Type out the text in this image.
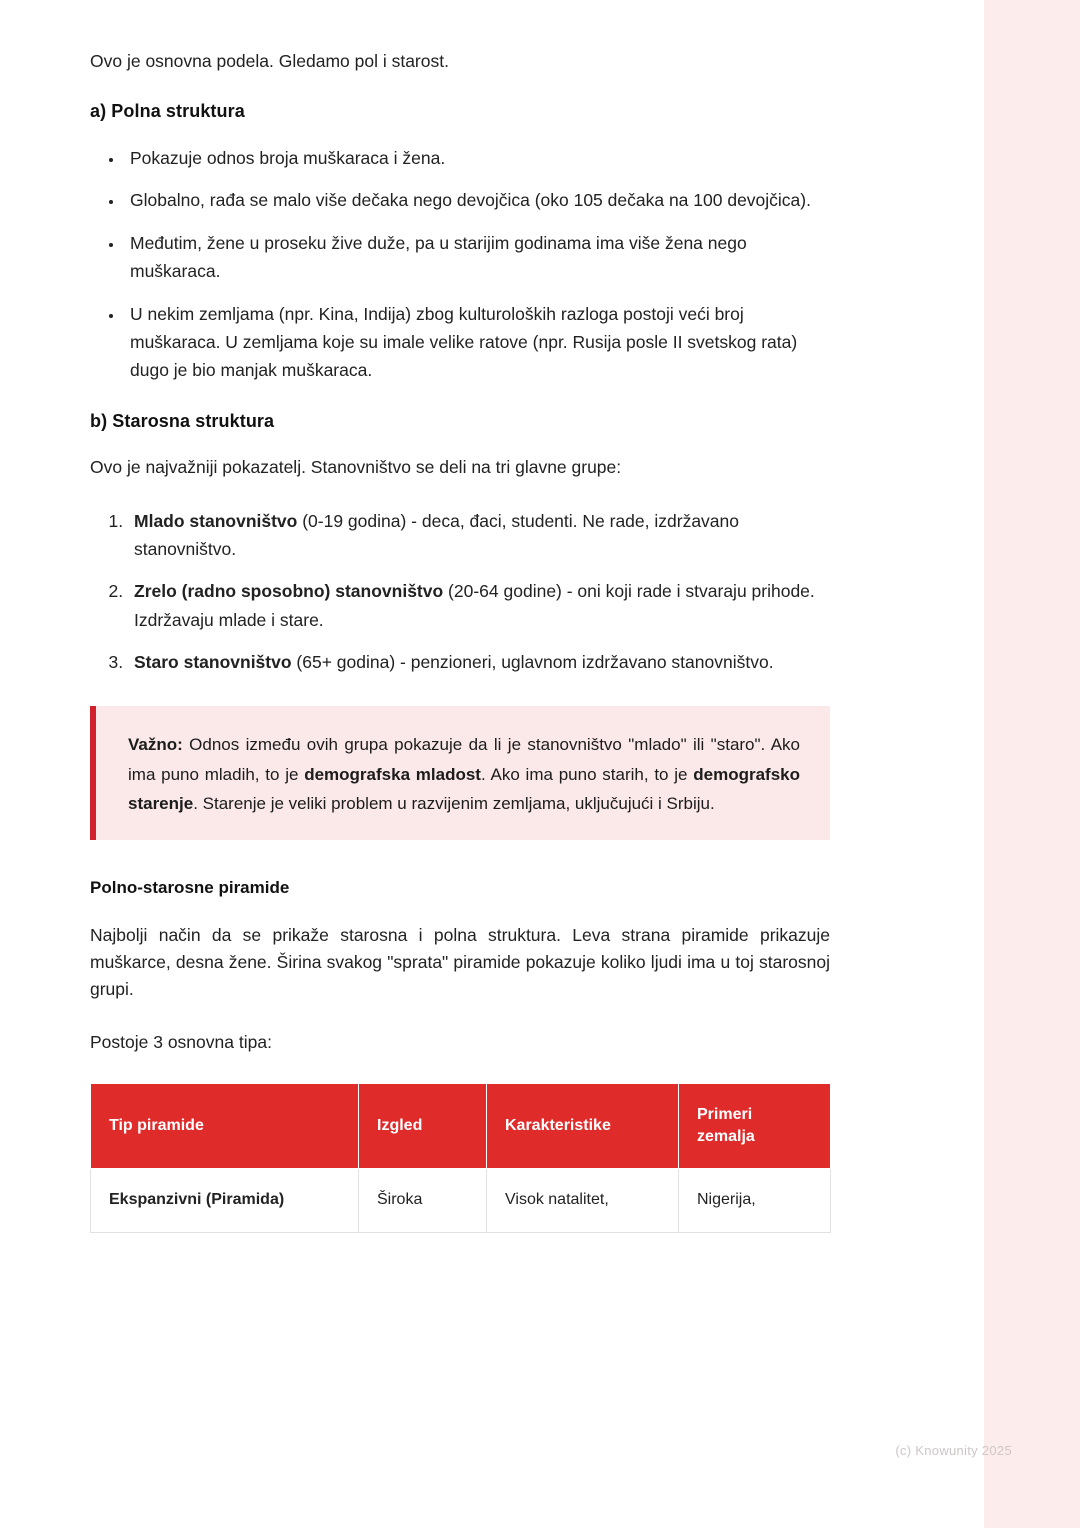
Ovo je osnovna podela. Gledamo pol i starost.

a) Polna struktura
• Pokazuje odnos broja muškaraca i žena.
• Globalno, rađa se malo više dečaka nego devojčica (oko 105 dečaka na 100 devojčica).
• Međutim, žene u proseku žive duže, pa u starijim godinama ima više žena nego muškaraca.
• U nekim zemljama (npr. Kina, Indija) zbog kulturoloških razloga postoji veći broj muškaraca. U zemljama koje su imale velike ratove (npr. Rusija posle II svetskog rata) dugo je bio manjak muškaraca.
b) Starosna struktura

Ovo je najvažniji pokazatelj. Stanovništvo se deli na tri glavne grupe:

1. Mlado stanovništvo (0-19 godina) - deca, đaci, studenti. Ne rade, izdržavano stanovništvo.
2. Zrelo (radno sposobno) stanovništvo (20-64 godine) - oni koji rade i stvaraju prihode. Izdržavaju mlade i stare.
3. Staro stanovništvo (65+ godina) - penzioneri, uglavnom izdržavano stanovništvo.

Važno: Odnos između ovih grupa pokazuje da li je stanovništvo "mlado" ili "staro". Ako ima puno mladih, to je demografska mladost. Ako ima puno starih, to je demografsko starenje. Starenje je veliki problem u razvijenim zemljama, uključujući i Srbiju.

Polno-starosne piramide

Najbolji način da se prikaže starosna i polna struktura. Leva strana piramide prikazuje muškarce, desna žene. Širina svakog "sprata" piramide pokazuje koliko ljudi ima u toj starosnoj grupi.

Postoje 3 osnovna tipa:

Tip piramide	Izgled	Karakteristike	Primeri zemalja
Ekspanzivni (Piramida)	Široka	Visok natalitet,	Nigerija,
(c) Knowunity 2025
